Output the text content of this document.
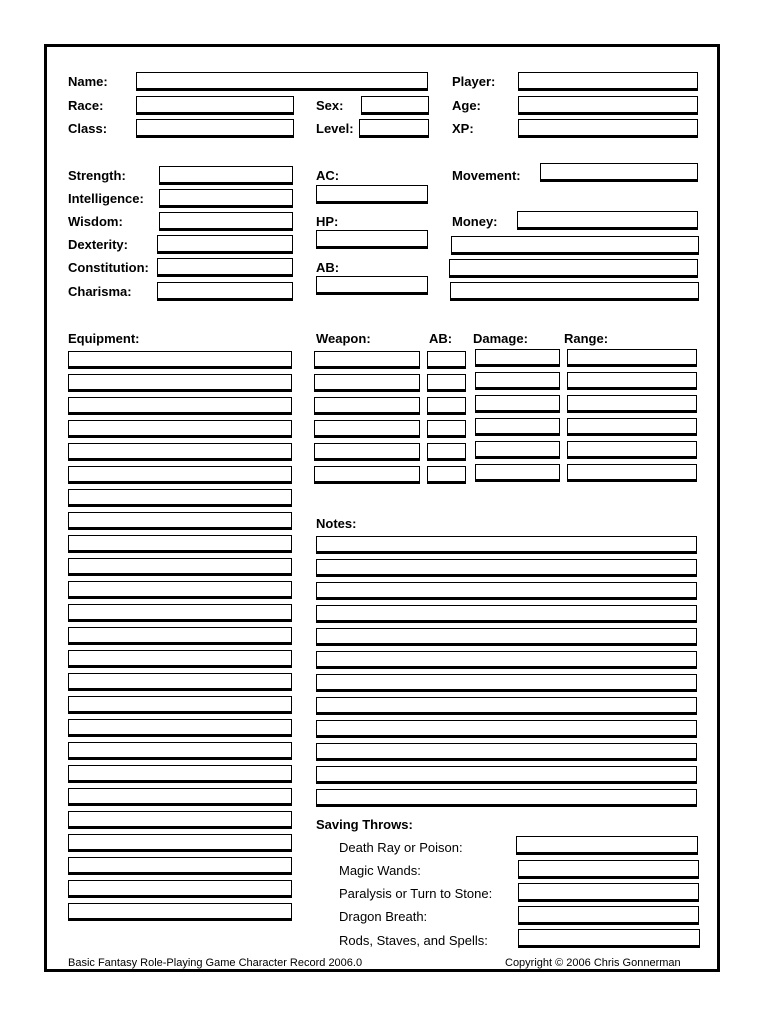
Name:
Race:
Class:
Sex:
Level:
Player:
Age:
XP:
Strength:
Intelligence:
Wisdom:
Dexterity:
Constitution:
Charisma:
AC:
HP:
AB:
Movement:
Money:
Equipment:	Weapon:	AB: Damage:	Range:
Notes:
Saving Throws:
Death Ray or Poison:
Magic Wands:
Paralysis or Turn to Stone:
Dragon Breath:
Rods, Staves, and Spells:
Basic Fantasy Role-Playing Game Character Record 2006.0	Copyright © 2006 Chris Gonnerman
